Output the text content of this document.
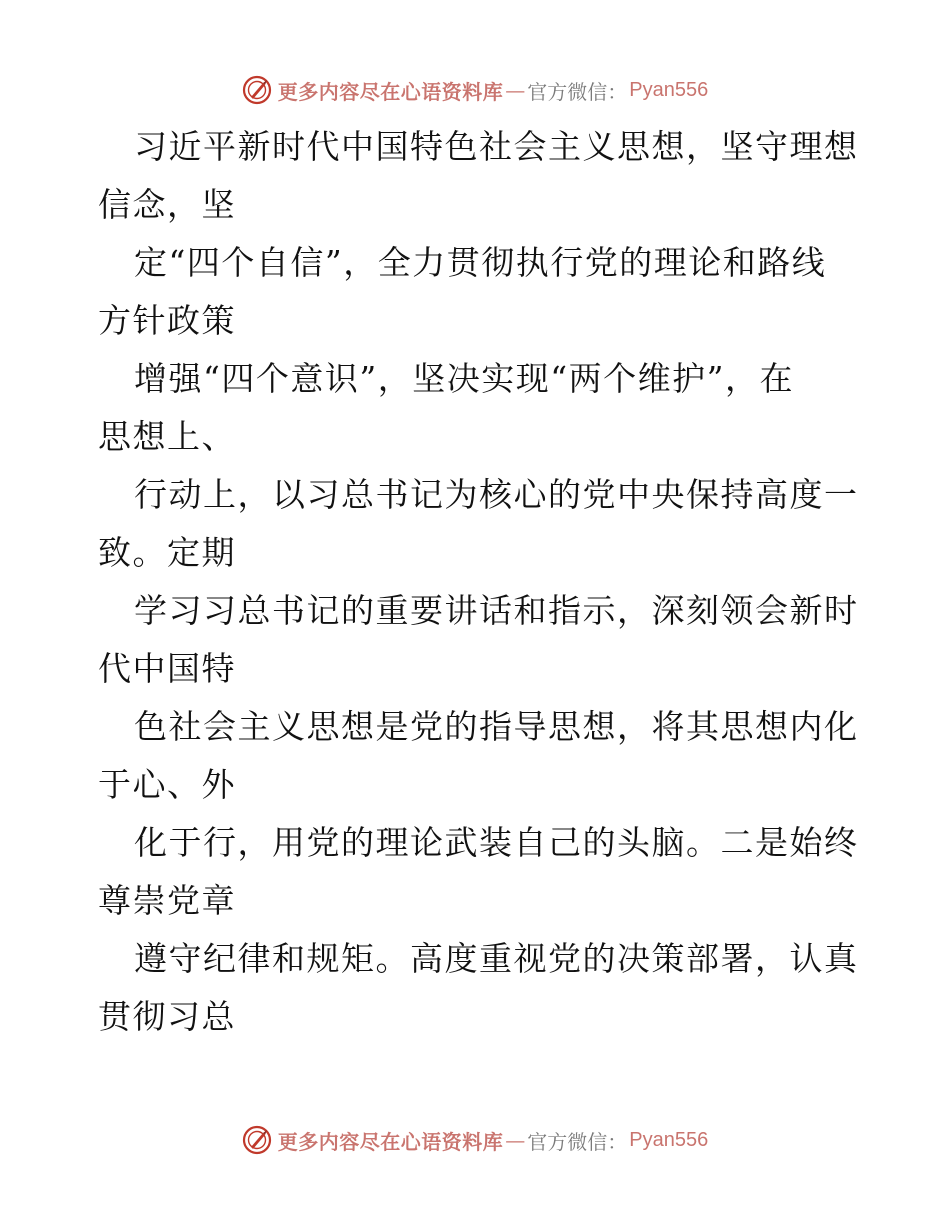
更多内容尽在心语资料库 — 官方微信： Pyan556

习近平新时代中国特色社会主义思想，坚守理想
信念，坚

定“四个自信”，全力贯彻执行党的理论和路线
方针政策

增强“四个意识”，坚决实现“两个维护”，在
思想上、

行动上，以习总书记为核心的党中央保持高度一
致。定期

学习习总书记的重要讲话和指示，深刻领会新时
代中国特

色社会主义思想是党的指导思想，将其思想内化
于心、外

化于行，用党的理论武装自己的头脑。二是始终
尊崇党章

遵守纪律和规矩。高度重视党的决策部署，认真
贯彻习总

更多内容尽在心语资料库 — 官方微信： Pyan556
